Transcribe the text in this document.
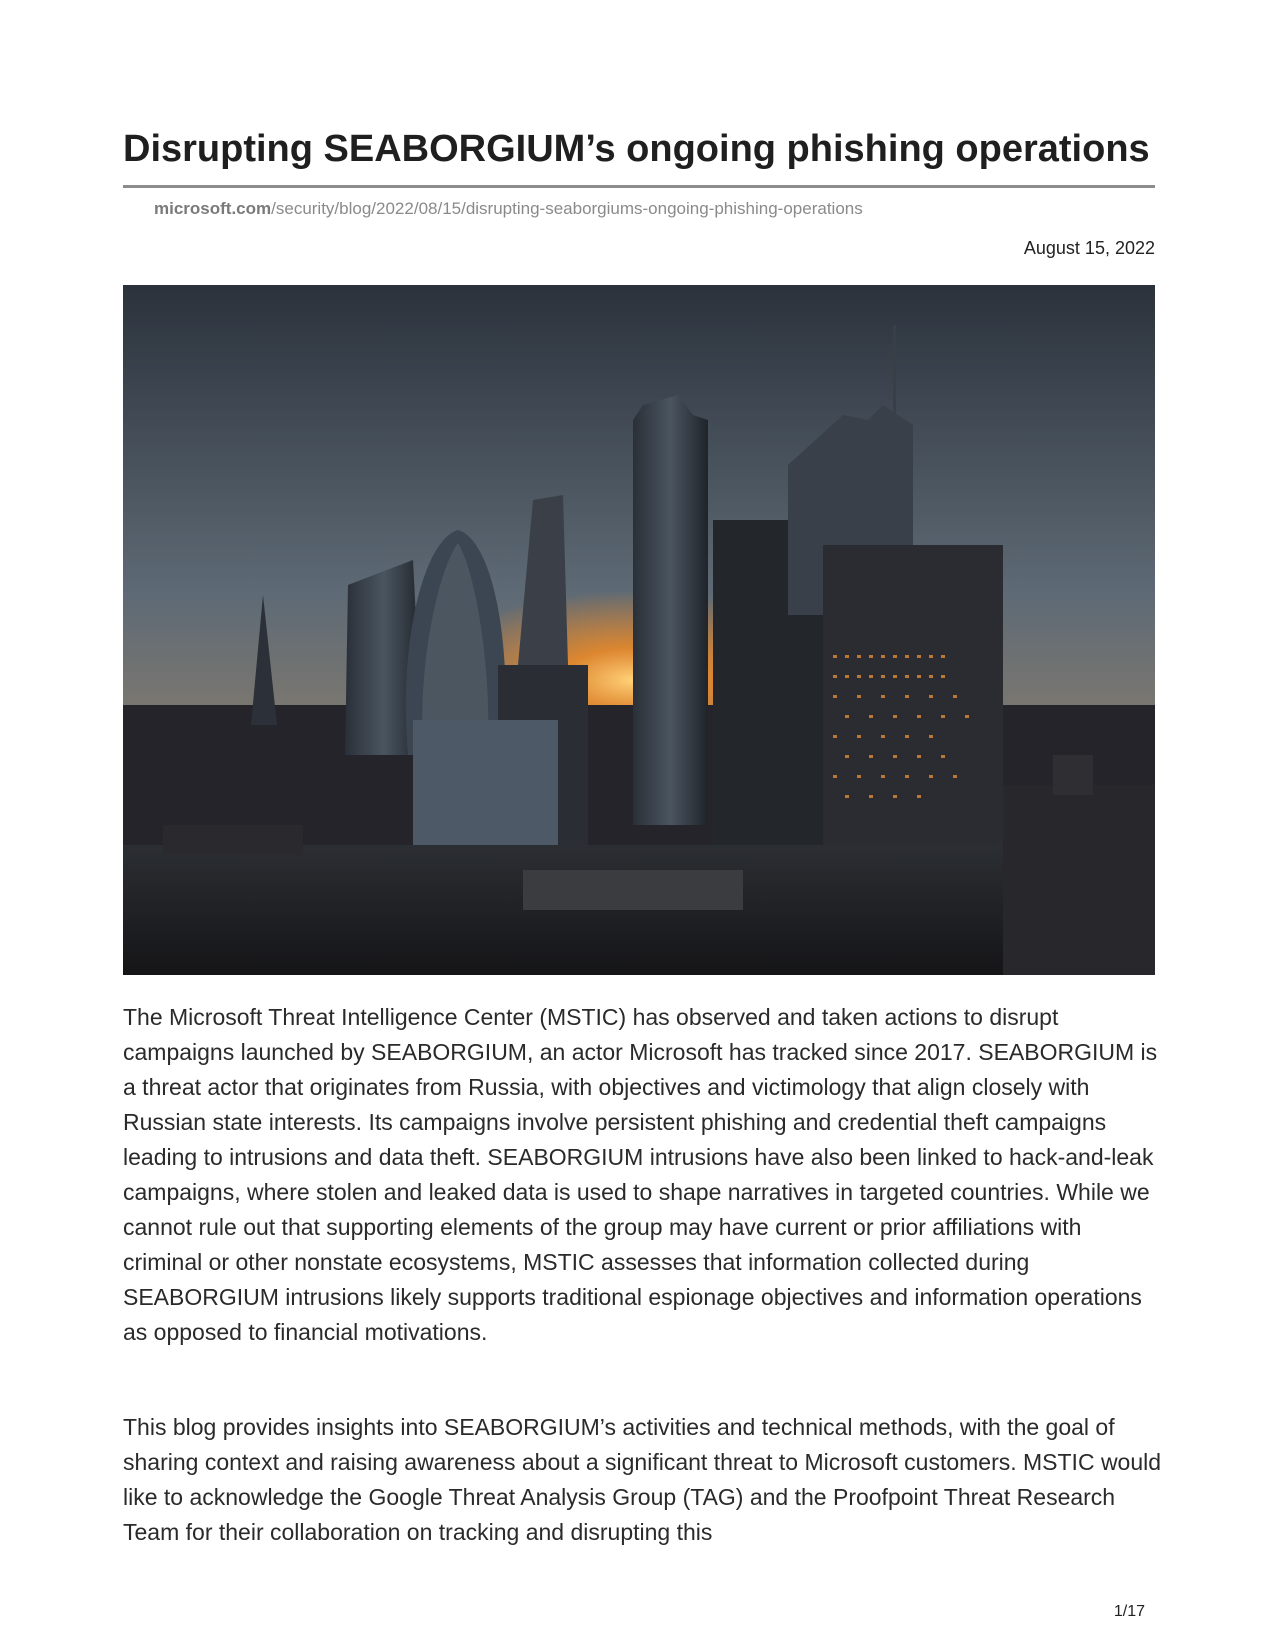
Disrupting SEABORGIUM’s ongoing phishing operations
microsoft.com/security/blog/2022/08/15/disrupting-seaborgiums-ongoing-phishing-operations
August 15, 2022
The Microsoft Threat Intelligence Center (MSTIC) has observed and taken actions to disrupt campaigns launched by SEABORGIUM, an actor Microsoft has tracked since 2017. SEABORGIUM is a threat actor that originates from Russia, with objectives and victimology that align closely with Russian state interests. Its campaigns involve persistent phishing and credential theft campaigns leading to intrusions and data theft. SEABORGIUM intrusions have also been linked to hack-and-leak campaigns, where stolen and leaked data is used to shape narratives in targeted countries. While we cannot rule out that supporting elements of the group may have current or prior affiliations with criminal or other nonstate ecosystems, MSTIC assesses that information collected during SEABORGIUM intrusions likely supports traditional espionage objectives and information operations as opposed to financial motivations.
This blog provides insights into SEABORGIUM’s activities and technical methods, with the goal of sharing context and raising awareness about a significant threat to Microsoft customers. MSTIC would like to acknowledge the Google Threat Analysis Group (TAG) and the Proofpoint Threat Research Team for their collaboration on tracking and disrupting this
1/17
